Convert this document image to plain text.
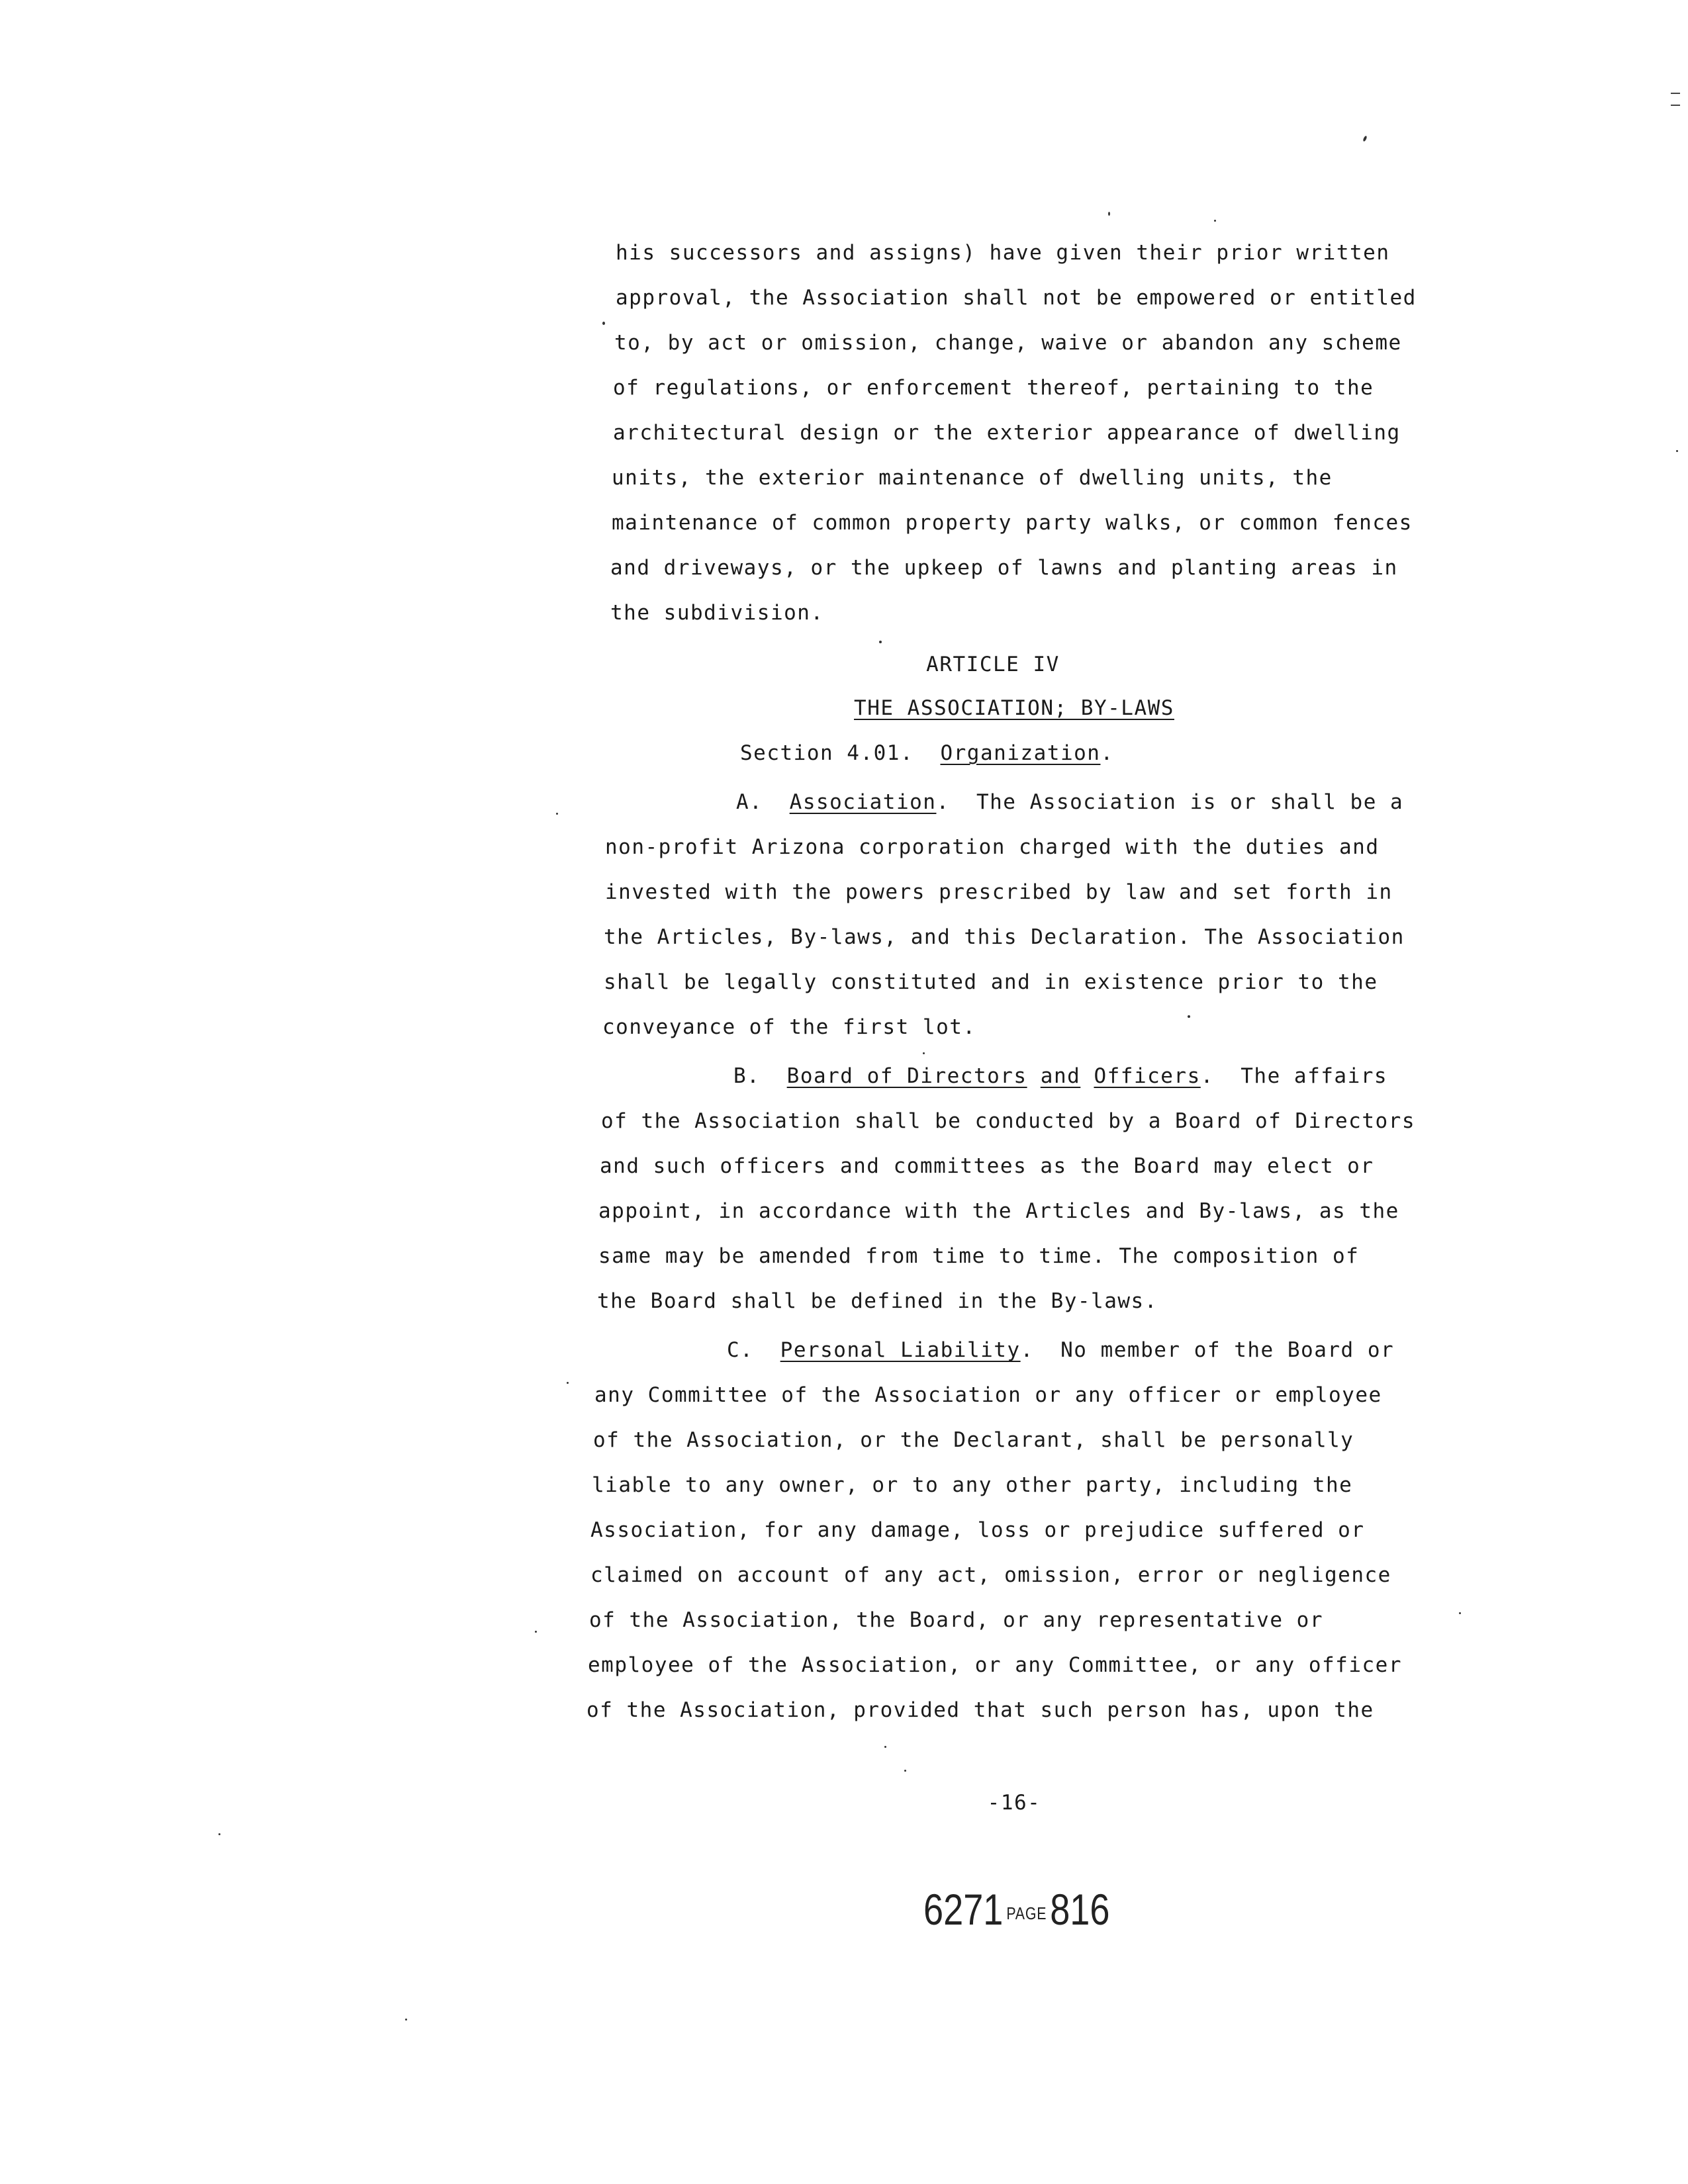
his successors and assigns) have given their prior written
approval, the Association shall not be empowered or entitled
to, by act or omission, change, waive or abandon any scheme
of regulations, or enforcement thereof, pertaining to the
architectural design or the exterior appearance of dwelling
units, the exterior maintenance of dwelling units, the
maintenance of common property party walks, or common fences
and driveways, or the upkeep of lawns and planting areas in
the subdivision.
ARTICLE IV
THE ASSOCIATION; BY-LAWS
Section 4.01. Organization.
A. Association.  The Association is or shall be a
non-profit Arizona corporation charged with the duties and
invested with the powers prescribed by law and set forth in
the Articles, By-laws, and this Declaration. The Association
shall be legally constituted and in existence prior to the
conveyance of the first lot.
B. Board of Directors and Officers.  The affairs
of the Association shall be conducted by a Board of Directors
and such officers and committees as the Board may elect or
appoint, in accordance with the Articles and By-laws, as the
same may be amended from time to time. The composition of
the Board shall be defined in the By-laws.
C. Personal Liability.  No member of the Board or
any Committee of the Association or any officer or employee
of the Association, or the Declarant, shall be personally
liable to any owner, or to any other party, including the
Association, for any damage, loss or prejudice suffered or
claimed on account of any act, omission, error or negligence
of the Association, the Board, or any representative or
employee of the Association, or any Committee, or any officer
of the Association, provided that such person has, upon the
-16-
6271 PAGE816
